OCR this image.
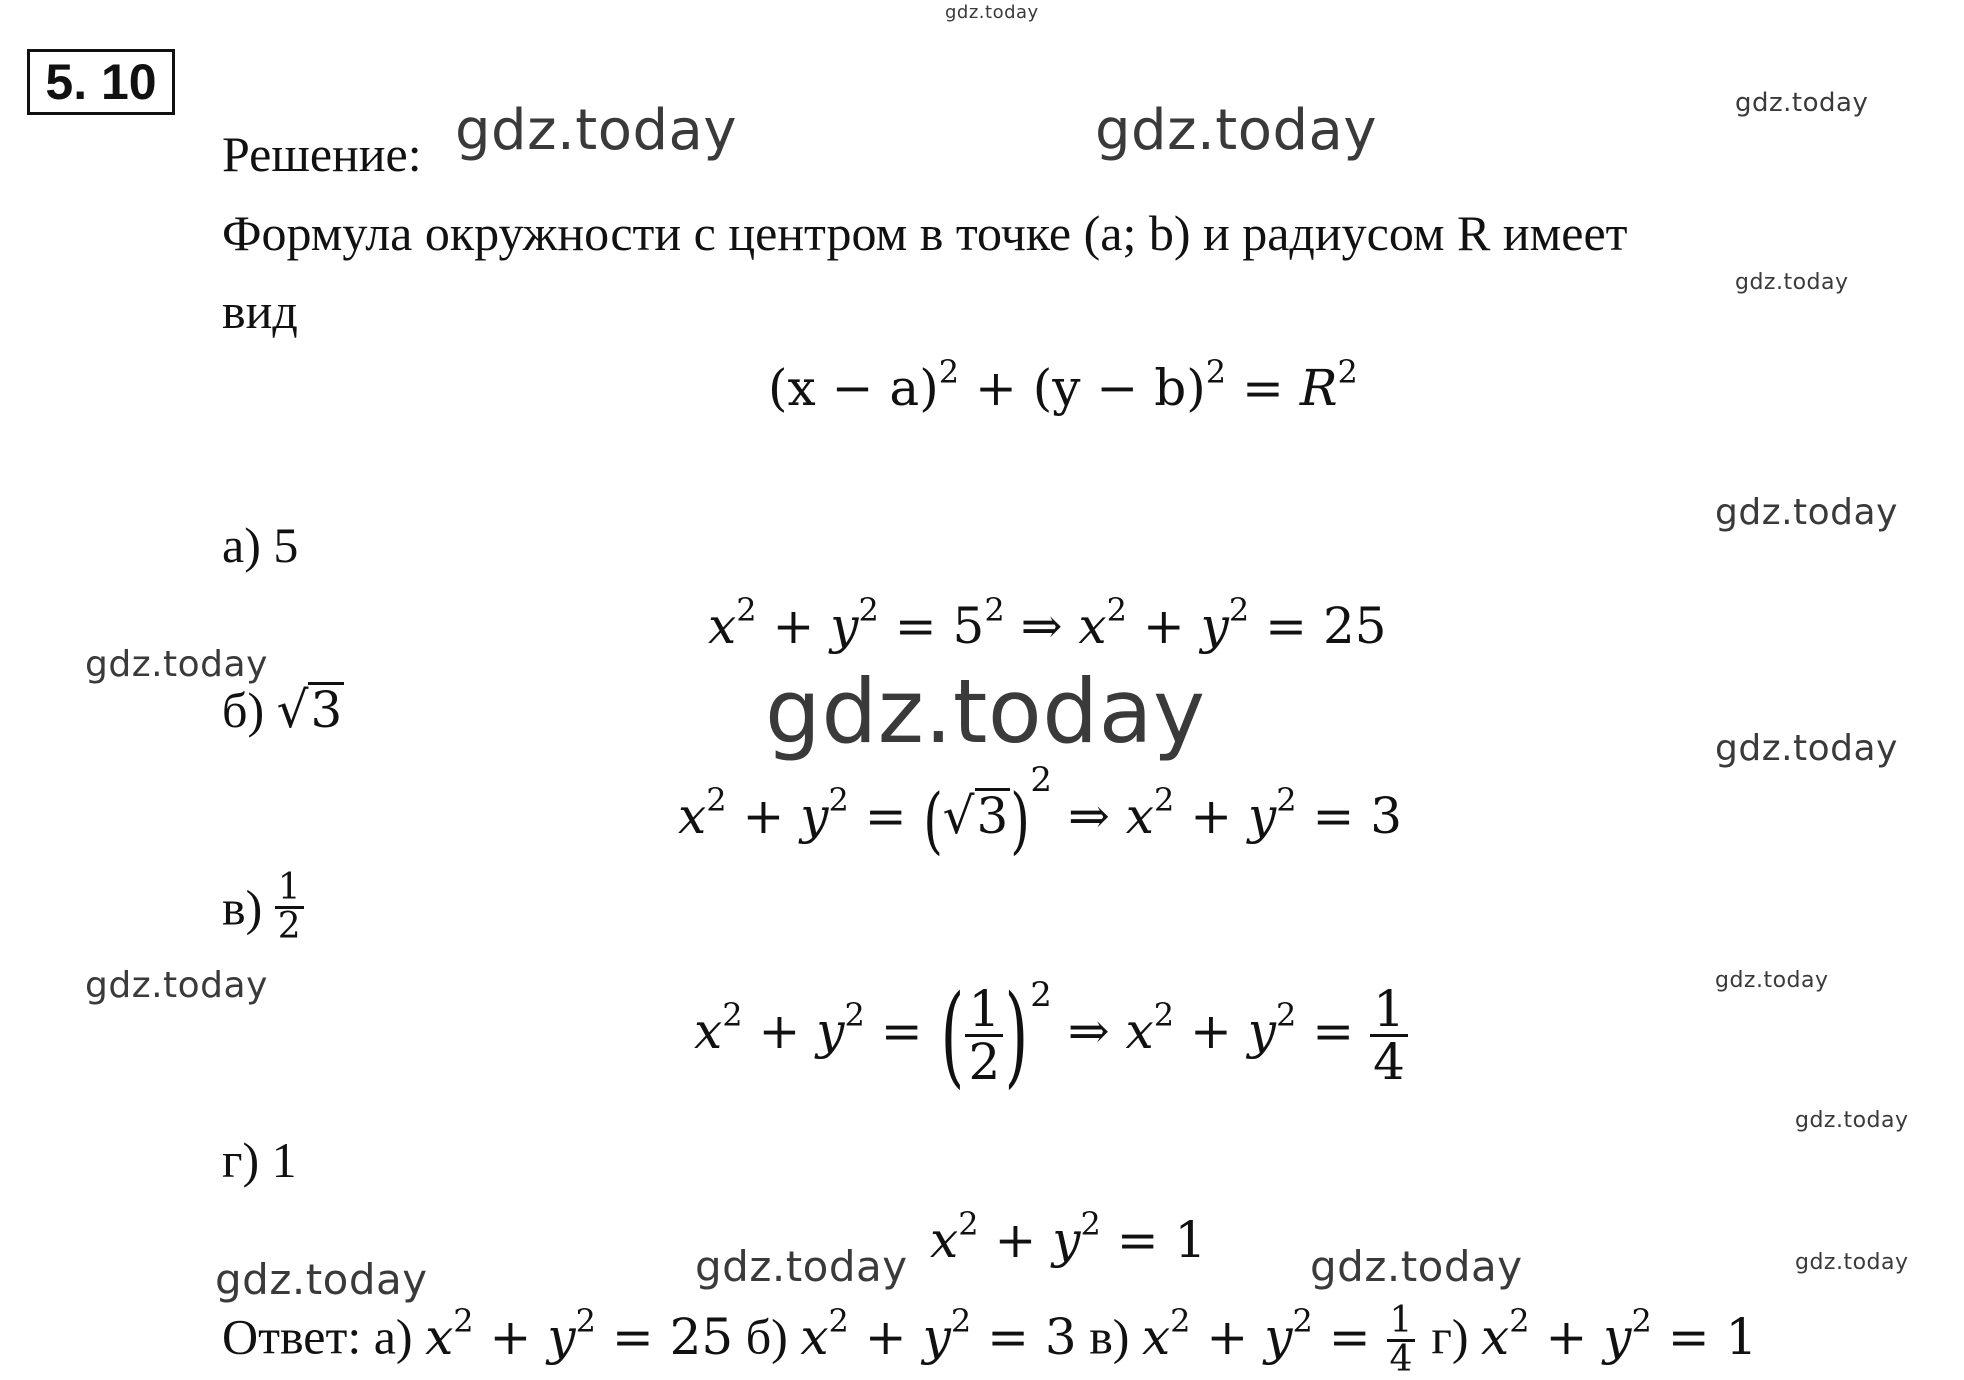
5. 10
Решение:
Формула окружности с центром в точке (a; b) и радиусом R имеет
вид
$(x - a)^2 + (y - b)^2 = R^2$
а) 5
$x^2 + y^2 = 5^2$ ⇒ $x^2 + y^2 = 25$
б) √3
$x^2 + y^2 = (√3)^2$ ⇒ $x^2 + y^2 = 3$
$в) \frac{1}{2}$
$x^2 + y^2$ = ( $\frac{1}{2} )^2$ ⇒ $x^2 + y^2 = \frac{1}{4}$
г) 1
$x^2 + y^2 = 1$
Ответ: а) $x^2 + y^2 = 25$ б) $x^2 + y^2 = 3$ в) $x^2 + y^2 = \frac{1}{4} г$) $x^2 + y^2 = 1$
gdz.today
gdz.today	gdz.today	gdz.today
gdz.today
gdz.today
gdz.today	gdz.today	gdz.today
gdz.today	gdz.today
gdz.today
gdz.today	gdz.today	gdz.today	gdz.today
